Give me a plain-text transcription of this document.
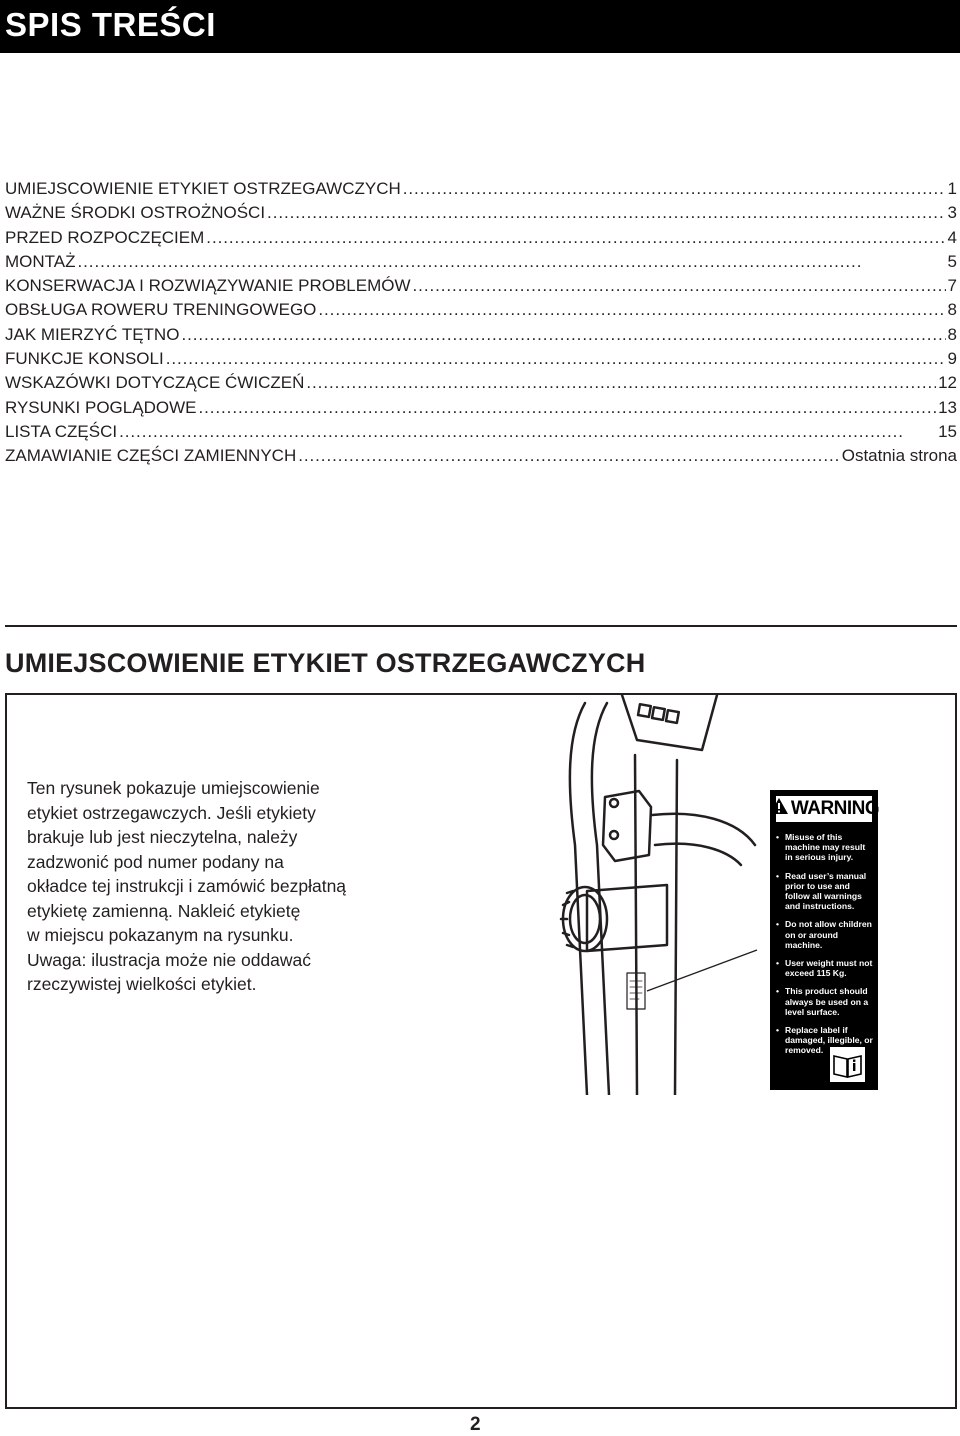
SPIS TREŚCI
UMIEJSCOWIENIE ETYKIET OSTRZEGAWCZYCH . . .	1
WAŻNE ŚRODKI OSTROŻNOŚCI . . .	3
PRZED ROZPOCZĘCIEM . . .	4
MONTAŻ . . .	5
KONSERWACJA I ROZWIĄZYWANIE PROBLEMÓW . . .	7
OBSŁUGA ROWERU TRENINGOWEGO . . .	8
JAK MIERZYĆ TĘTNO . . .	8
FUNKCJE KONSOLI . . .	9
WSKAZÓWKI DOTYCZĄCE ĆWICZEŃ . . .	12
RYSUNKI POGLĄDOWE . . .	13
LISTA CZĘŚCI . . .	15
ZAMAWIANIE CZĘŚCI ZAMIENNYCH . . .	Ostatnia strona
UMIEJSCOWIENIE ETYKIET OSTRZEGAWCZYCH
Ten rysunek pokazuje umiejscowienie
etykiet ostrzegawczych. Jeśli etykiety
brakuje lub jest nieczytelna, należy
zadzwonić pod numer podany na
okładce tej instrukcji i zamówić bezpłatną
etykietę zamienną. Nakleić etykietę
w miejscu pokazanym na rysunku.
Uwaga: ilustracja może nie oddawać
rzeczywistej wielkości etykiet.
WARNING
• Misuse of this machine may result in serious injury.
• Read user’s manual prior to use and follow all warnings and instructions.
• Do not allow children on or around machine.
• User weight must not exceed 115 Kg.
• This product should always be used on a level surface.
• Replace label if damaged, illegible, or removed.
2
